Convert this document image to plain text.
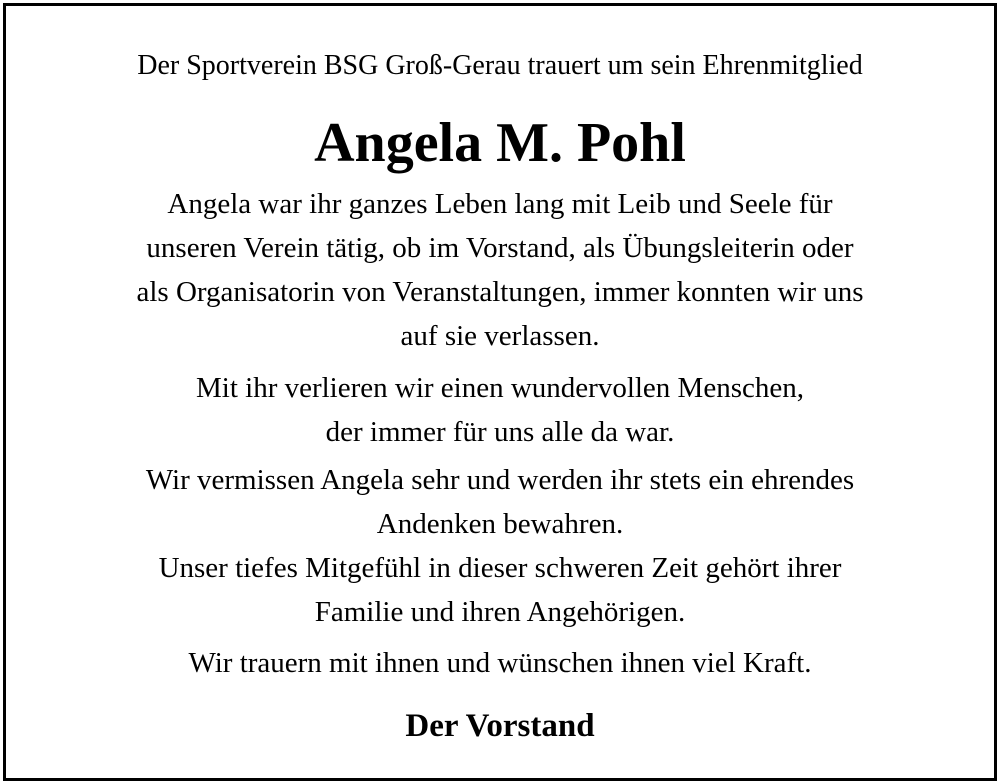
Der Sportverein BSG Groß-Gerau trauert um sein Ehrenmitglied

Angela M. Pohl

Angela war ihr ganzes Leben lang mit Leib und Seele für
unseren Verein tätig, ob im Vorstand, als Übungsleiterin oder
als Organisatorin von Veranstaltungen, immer konnten wir uns
auf sie verlassen.

Mit ihr verlieren wir einen wundervollen Menschen,
der immer für uns alle da war.

Wir vermissen Angela sehr und werden ihr stets ein ehrendes
Andenken bewahren.

Unser tiefes Mitgefühl in dieser schweren Zeit gehört ihrer
Familie und ihren Angehörigen.

Wir trauern mit ihnen und wünschen ihnen viel Kraft.

Der Vorstand
